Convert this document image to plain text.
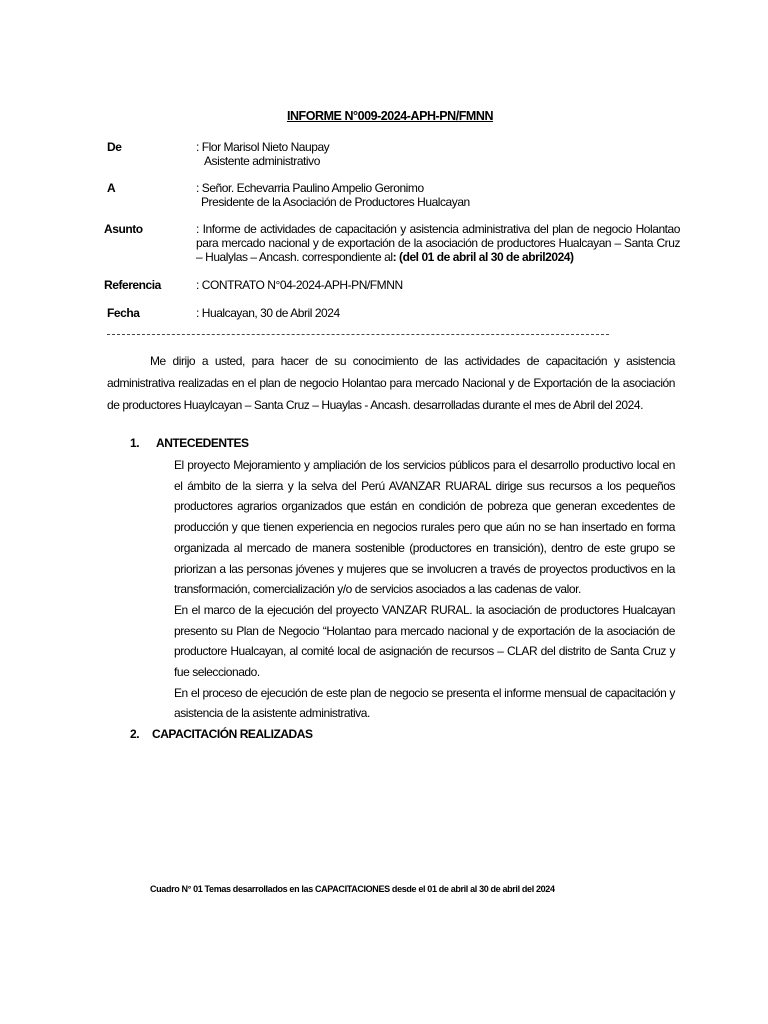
INFORME N°009-2024-APH-PN/FMNN
De	: Flor Marisol Nieto Naupay
Asistente administrativo
A	: Señor. Echevarria Paulino Ampelio Geronimo
Presidente de la Asociación de Productores Hualcayan
Asunto	: Informe de actividades de capacitación y asistencia administrativa del plan de negocio Holantao para mercado nacional y de exportación de la asociación de productores Hualcayan – Santa Cruz – Hualylas – Ancash. correspondiente al: (del 01 de abril al 30 de abril2024)
Referencia	: CONTRATO N°04-2024-APH-PN/FMNN
Fecha	: Hualcayan, 30 de Abril 2024
Me dirijo a usted, para hacer de su conocimiento de las actividades de capacitación y asistencia administrativa realizadas en el plan de negocio Holantao para mercado Nacional y de Exportación de la asociación de productores Huaylcayan – Santa Cruz – Huaylas - Ancash. desarrolladas durante el mes de Abril del 2024.
1. ANTECEDENTES

El proyecto Mejoramiento y ampliación de los servicios públicos para el desarrollo productivo local en el ámbito de la sierra y la selva del Perú AVANZAR RUARAL dirige sus recursos a los pequeños productores agrarios organizados que están en condición de pobreza que generan excedentes de producción y que tienen experiencia en negocios rurales pero que aún no se han insertado en forma organizada al mercado de manera sostenible (productores en transición), dentro de este grupo se priorizan a las personas jóvenes y mujeres que se involucren a través de proyectos productivos en la transformación, comercialización y/o de servicios asociados a las cadenas de valor.

En el marco de la ejecución del proyecto VANZAR RURAL. la asociación de productores Hualcayan presento su Plan de Negocio “Holantao para mercado nacional y de exportación de la asociación de productore Hualcayan, al comité local de asignación de recursos – CLAR del distrito de Santa Cruz y fue seleccionado.

En el proceso de ejecución de este plan de negocio se presenta el informe mensual de capacitación y asistencia de la asistente administrativa.

2. CAPACITACIÓN REALIZADAS
Cuadro N° 01 Temas desarrollados en las CAPACITACIONES desde el 01 de abril al 30 de abril del 2024
